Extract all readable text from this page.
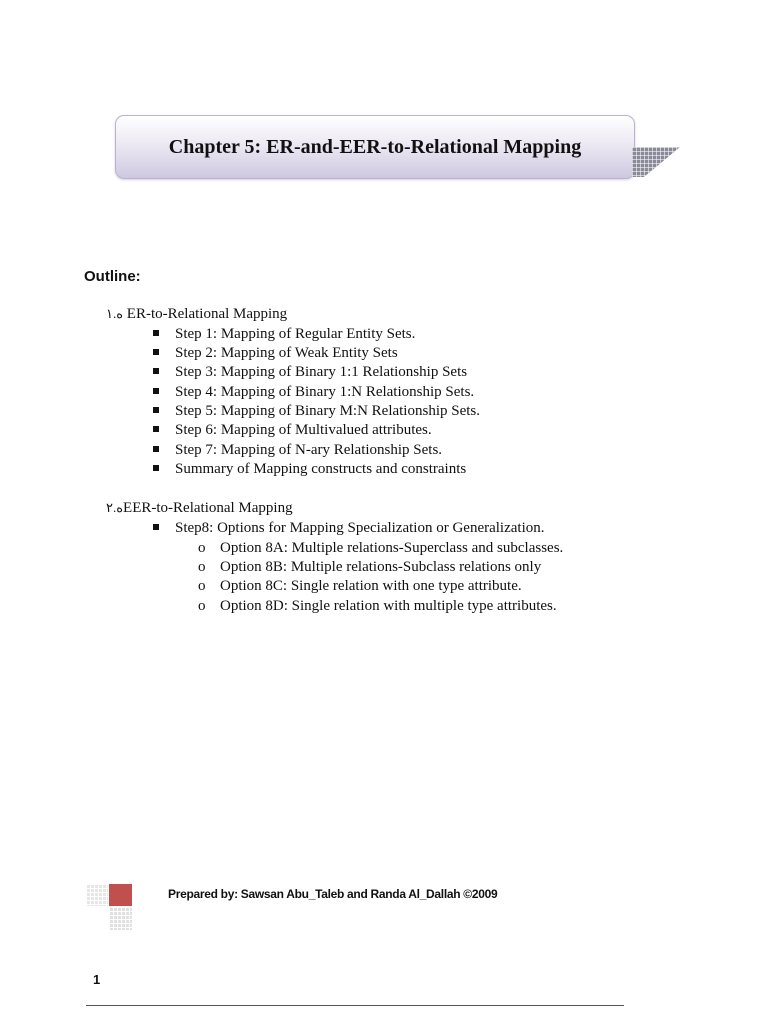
Chapter 5: ER-and-EER-to-Relational Mapping
Outline:
ﻩ.١ ER-to-Relational Mapping
Step 1: Mapping of Regular Entity Sets.
Step 2: Mapping of Weak Entity Sets
Step 3: Mapping of Binary 1:1 Relationship Sets
Step 4: Mapping of Binary 1:N Relationship Sets.
Step 5: Mapping of Binary M:N Relationship Sets.
Step 6: Mapping of Multivalued attributes.
Step 7: Mapping of N-ary Relationship Sets.
Summary of Mapping constructs and constraints
ﻩ.٢EER-to-Relational Mapping
Step8: Options for Mapping Specialization or Generalization.
o Option 8A: Multiple relations-Superclass and subclasses.
o Option 8B: Multiple relations-Subclass relations only
o Option 8C: Single relation with one type attribute.
o Option 8D: Single relation with multiple type attributes.
Prepared by: Sawsan Abu_Taleb and Randa Al_Dallah ©2009
1
